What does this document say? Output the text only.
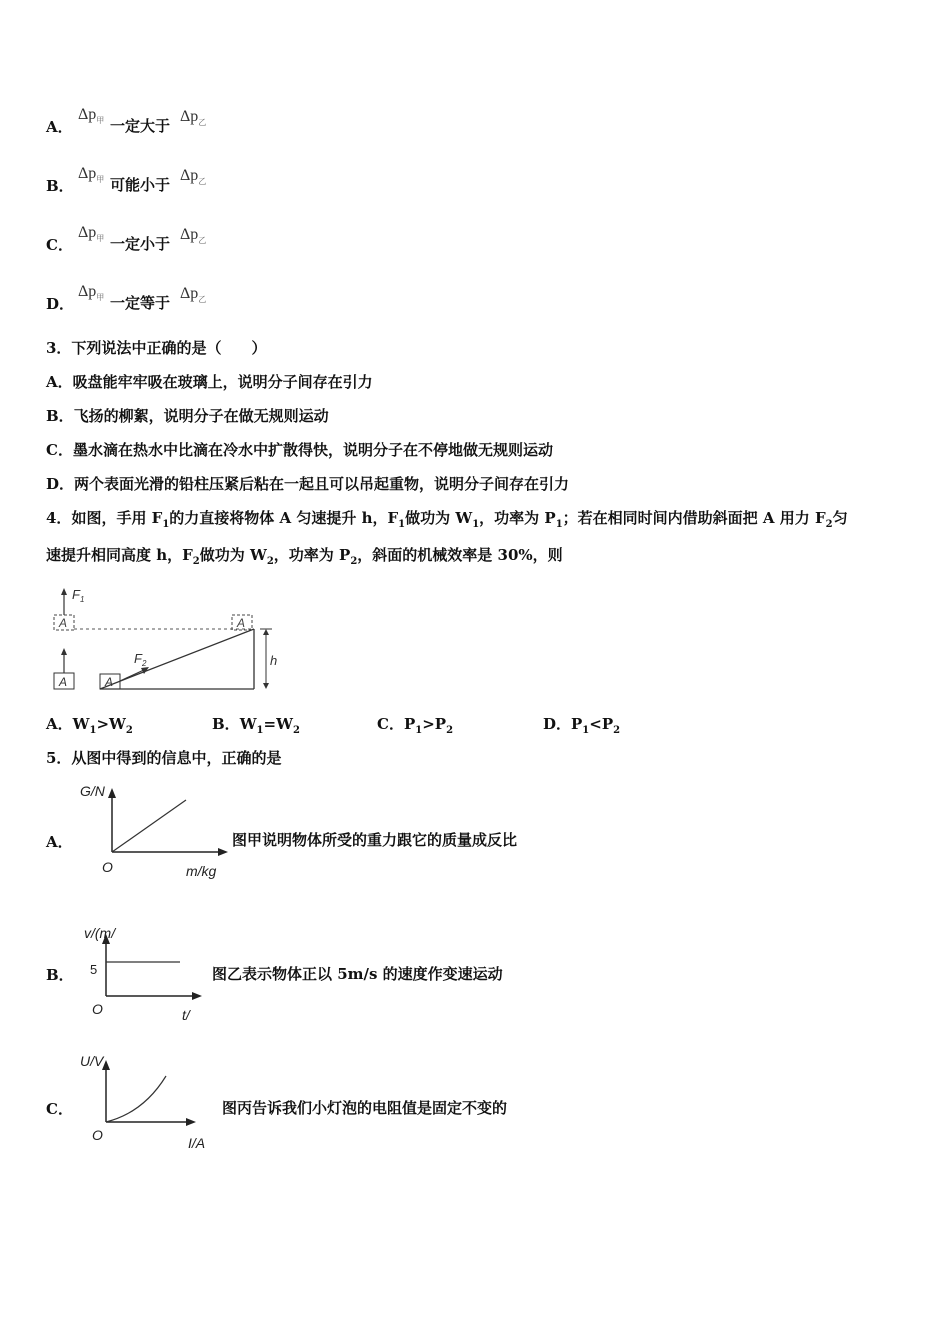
A．
$\Delta p_甲$ 一定大于
$\Delta p_乙$
B．
$\Delta p_甲$ 可能小于
$\Delta p_乙$
C．
$\Delta p_甲$ 一定小于
$\Delta p_乙$
D．
$\Delta p_甲$ 一定等于
$\Delta p_乙$
3．下列说法中正确的是（　　）
A．吸盘能牢牢吸在玻璃上，说明分子间存在引力
B．飞扬的柳絮，说明分子在做无规则运动
C．墨水滴在热水中比滴在冷水中扩散得快，说明分子在不停地做无规则运动
D．两个表面光滑的铅柱压紧后粘在一起且可以吊起重物，说明分子间存在引力
4．如图，手用 $F_1$的力直接将物体 A 匀速提升 h，$F_1$做功为 $W_1$，功率为 $P_1$；若在相同时间内借助斜面把 A 用力 $F_2$匀
速提升相同高度 h，$F_2$做功为 $W_2$，功率为 $P_2$，斜面的机械效率是 30%，则
$F_1$
A	A
A	A
$F_2$	h
A．$W_1>W_2$	B．$W_1=W_2$	C．$P_1>P_2$	D．$P_1<P_2$
5．从图中得到的信息中，正确的是
A．
G/N
O	m/kg
图甲说明物体所受的重力跟它的质量成反比
B．
v/(m/
5
O	t/
图乙表示物体正以 5m/s 的速度作变速运动
C．
U/V
O	I/A
图丙告诉我们小灯泡的电阻值是固定不变的
